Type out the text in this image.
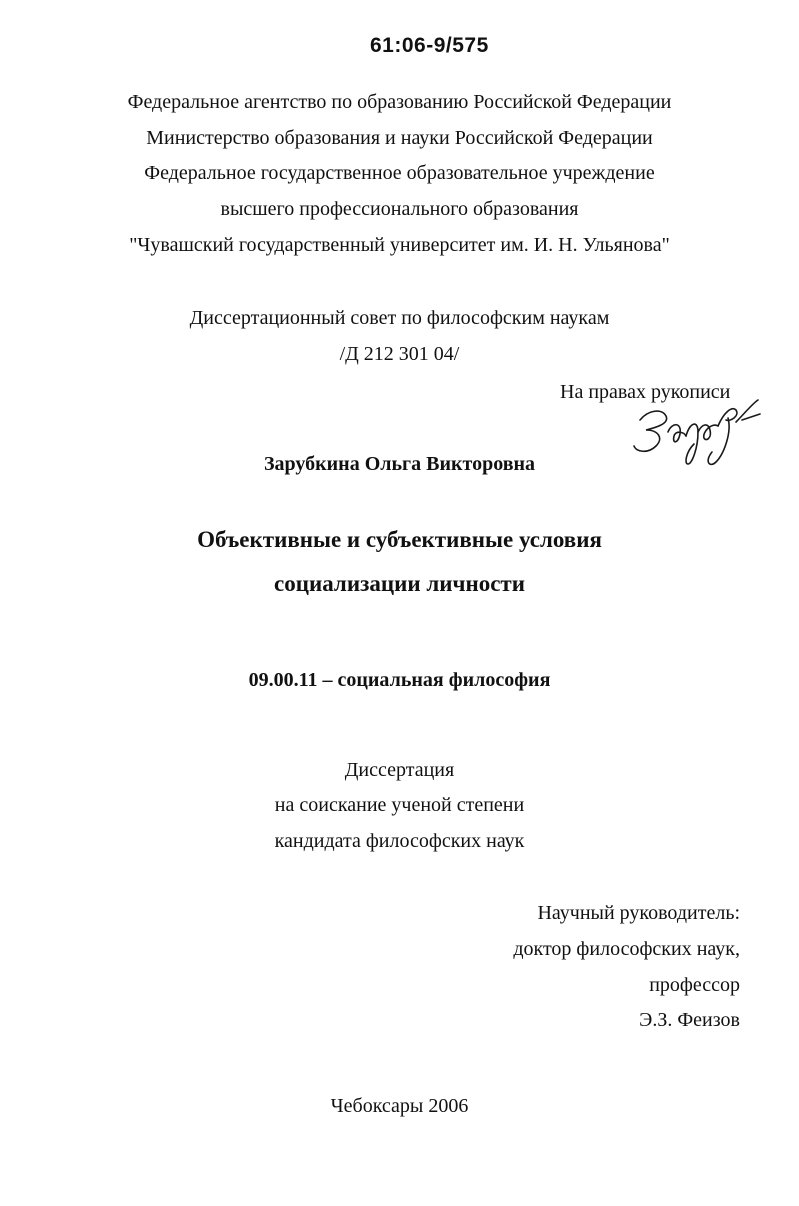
61:06-9/575
Федеральное агентство по образованию Российской Федерации
Министерство образования и науки Российской Федерации
Федеральное государственное образовательное учреждение
высшего профессионального образования
"Чувашский государственный университет им. И. Н. Ульянова"
Диссертационный совет по философским наукам
/Д 212 301 04/
На правах рукописи
Зарубкина Ольга Викторовна
Объективные и субъективные условия
социализации личности
09.00.11 – социальная философия
Диссертация
на соискание ученой степени
кандидата философских наук
Научный руководитель:
доктор философских наук,
профессор
Э.З. Феизов
Чебоксары 2006
